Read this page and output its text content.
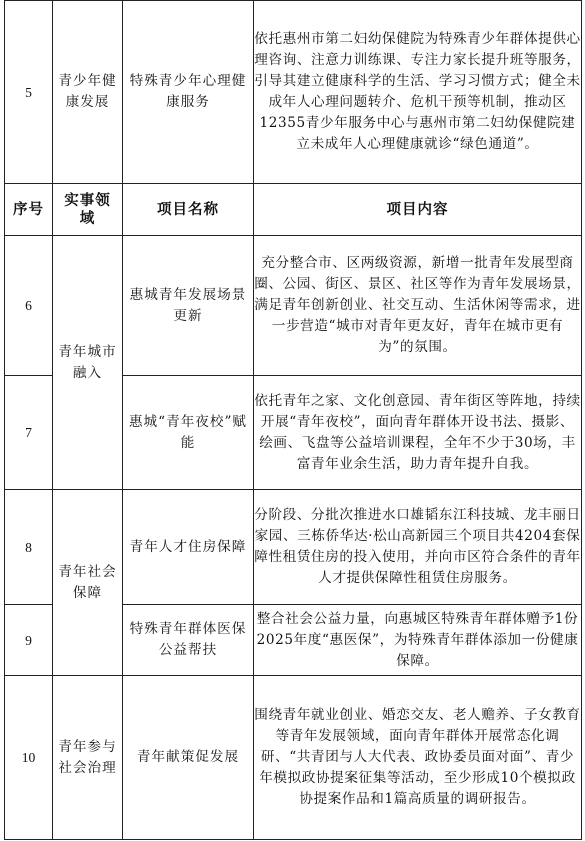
5	青少年健康发展	特殊青少年心理健康服务	依托惠州市第二妇幼保健院为特殊青少年群体提供心理咨询、注意力训练课、专注力家长提升班等服务，引导其建立健康科学的生活、学习习惯方式；健全未成年人心理问题转介、危机干预等机制，推动区12355青少年服务中心与惠州市第二妇幼保健院建立未成年人心理健康就诊“绿色通道”。
序号	实事领域	项目名称	项目内容
6	青年城市融入	惠城青年发展场景更新	充分整合市、区两级资源，新增一批青年发展型商圈、公园、街区、景区、社区等作为青年发展场景，满足青年创新创业、社交互动、生活休闲等需求，进一步营造“城市对青年更友好，青年在城市更有为”的氛围。
7		惠城“青年夜校”赋能	依托青年之家、文化创意园、青年街区等阵地，持续开展“青年夜校”，面向青年群体开设书法、摄影、绘画、飞盘等公益培训课程，全年不少于30场，丰富青年业余生活，助力青年提升自我。
8	青年社会保障	青年人才住房保障	分阶段、分批次推进水口雄韬东江科技城、龙丰丽日家园、三栋侨华达·松山高新园三个项目共4204套保障性租赁住房的投入使用，并向市区符合条件的青年人才提供保障性租赁住房服务。
9		特殊青年群体医保公益帮扶	整合社会公益力量，向惠城区特殊青年群体赠予1份2025年度“惠医保”，为特殊青年群体添加一份健康保障。
10	青年参与社会治理	青年献策促发展	围绕青年就业创业、婚恋交友、老人赡养、子女教育等青年发展领域，面向青年群体开展常态化调研、“共青团与人大代表、政协委员面对面”、青少年模拟政协提案征集等活动，至少形成10个模拟政协提案作品和1篇高质量的调研报告。
